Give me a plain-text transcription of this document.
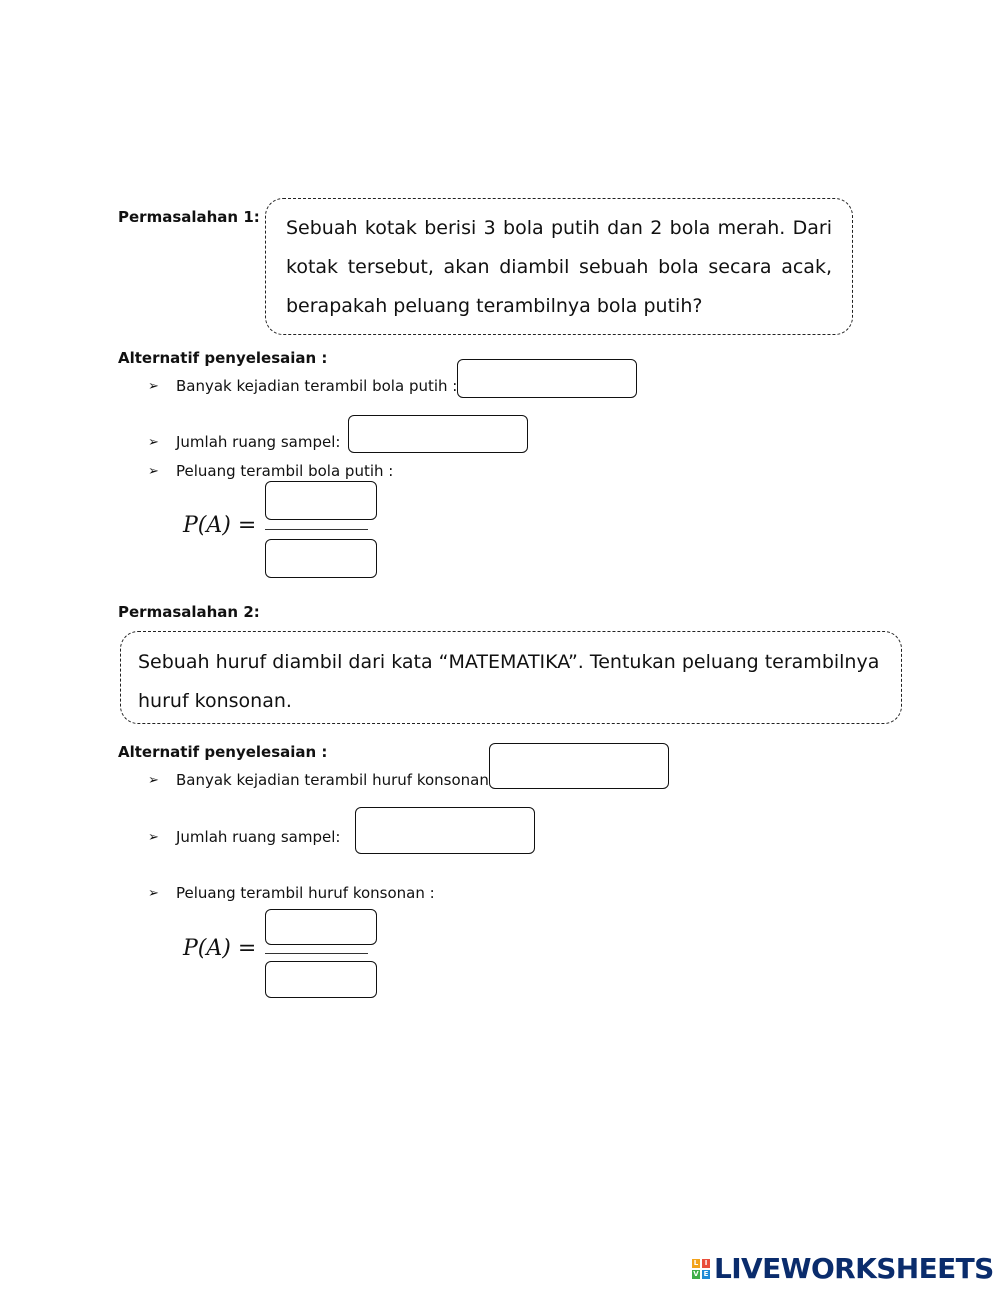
Permasalahan 1: Sebuah kotak berisi 3 bola putih dan 2 bola merah. Dari kotak tersebut, akan diambil sebuah bola secara acak, berapakah peluang terambilnya bola putih?
Alternatif penyelesaian :
➢	Banyak kejadian terambil bola putih :
➢	Jumlah ruang sampel:
➢	Peluang terambil bola putih :
P(A) =
Permasalahan 2:
Sebuah huruf diambil dari kata “MATEMATIKA”. Tentukan peluang terambilnya huruf konsonan.
Alternatif penyelesaian :
➢	Banyak kejadian terambil huruf konsonan
➢	Jumlah ruang sampel:
➢	Peluang terambil huruf konsonan :
P(A) =
L I
V E LIVEWORKSHEETS
